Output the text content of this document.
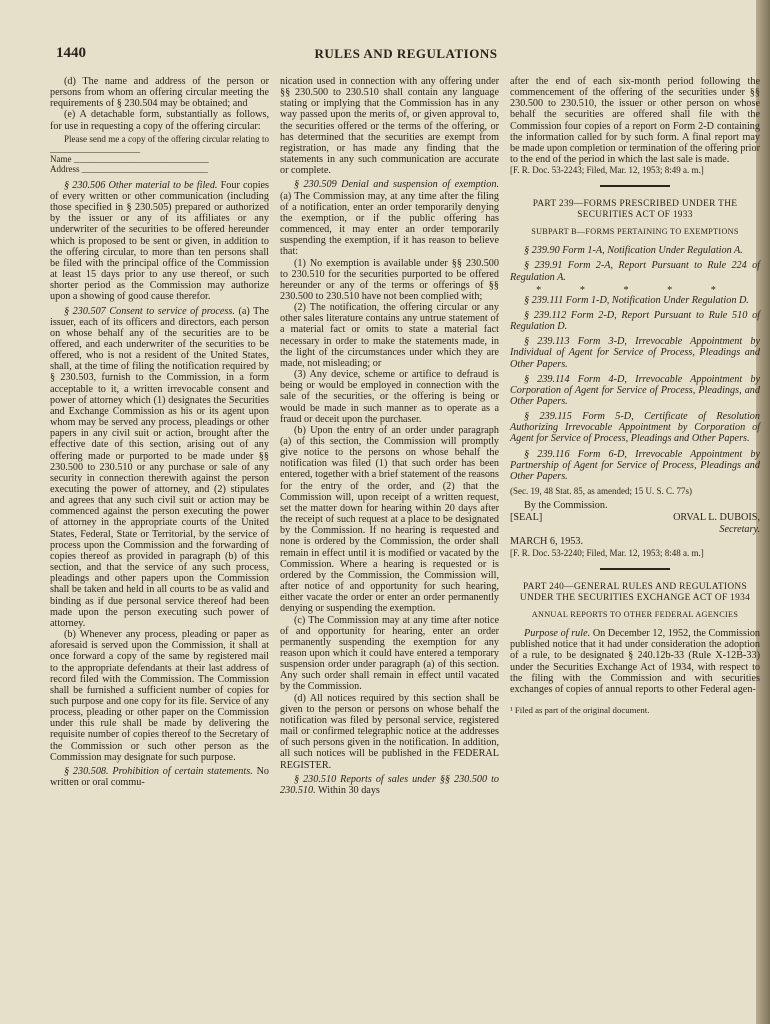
1440	RULES AND REGULATIONS

(d) The name and address of the person or persons from whom an offering circular meeting the requirements of § 230.504 may be obtained; and

(e) A detachable form, substantially as follows, for use in requesting a copy of the offering circular:

Please send me a copy of the offering circular relating to ____________________
Name ______________________________
Address ____________________________

§ 230.506 Other material to be filed. Four copies of every written or other communication (including those specified in § 230.505) prepared or authorized by the issuer or any of its affiliates or any underwriter of the securities to be offered hereunder which is proposed to be sent or given, in addition to the offering circular, to more than ten persons shall be filed with the principal office of the Commission at least 15 days prior to any use thereof, or such shorter period as the Commission may authorize upon a showing of good cause therefor.

§ 230.507 Consent to service of process. (a) The issuer, each of its officers and directors, each person on whose behalf any of the securities are to be offered, and each underwriter of the securities to be offered, who is not a resident of the United States, shall, at the time of filing the notification required by § 230.503, furnish to the Commission, in a form acceptable to it, a written irrevocable consent and power of attorney which (1) designates the Securities and Exchange Commission as his or its agent upon whom may be served any process, pleadings or other papers in any civil suit or action, brought after the effective date of this section, arising out of any offering made or purported to be made under §§ 230.500 to 230.510 or any purchase or sale of any security in connection therewith against the person executing the power of attorney, and (2) stipulates and agrees that any such civil suit or action may be commenced against the person executing the power of attorney in the appropriate courts of the United States, Federal, State or Territorial, by the service of process upon the Commission and the forwarding of copies thereof as provided in paragraph (b) of this section, and that the service of any such process, pleadings and other papers upon the Commission shall be taken and held in all courts to be as valid and binding as if due personal service thereof had been made upon the person executing such power of attorney.

(b) Whenever any process, pleading or paper as aforesaid is served upon the Commission, it shall at once forward a copy of the same by registered mail to the appropriate defendants at their last address of record filed with the Commission. The Commission shall be furnished a sufficient number of copies for such purpose and one copy for its file. Service of any process, pleading or other paper on the Commission under this rule shall be made by delivering the requisite number of copies thereof to the Secretary of the Commission or such other person as the Commission may designate for such purpose.

§ 230.508. Prohibition of certain statements. No written or oral commu-

nication used in connection with any offering under §§ 230.500 to 230.510 shall contain any language stating or implying that the Commission has in any way passed upon the merits of, or given approval to, the securities offered or the terms of the offering, or has determined that the securities are exempt from registration, or has made any finding that the statements in any such communication are accurate or complete.

§ 230.509 Denial and suspension of exemption. (a) The Commission may, at any time after the filing of a notification, enter an order temporarily denying the exemption, or if the public offering has commenced, it may enter an order temporarily suspending the exemption, if it has reason to believe that:

(1) No exemption is available under §§ 230.500 to 230.510 for the securities purported to be offered hereunder or any of the terms or offerings of §§ 230.500 to 230.510 have not been complied with;

(2) The notification, the offering circular or any other sales literature contains any untrue statement of a material fact or omits to state a material fact necessary in order to make the statements made, in the light of the circumstances under which they are made, not misleading; or

(3) Any device, scheme or artifice to defraud is being or would be employed in connection with the sale of the securities, or the offering is being or would be made in such manner as to operate as a fraud or deceit upon the purchaser.

(b) Upon the entry of an order under paragraph (a) of this section, the Commission will promptly give notice to the persons on whose behalf the notification was filed (1) that such order has been entered, together with a brief statement of the reasons for the entry of the order, and (2) that the Commission will, upon receipt of a written request, set the matter down for hearing within 20 days after the receipt of such request at a place to be designated by the Commission. If no hearing is requested and none is ordered by the Commission, the order shall remain in effect until it is modified or vacated by the Commission. Where a hearing is requested or is ordered by the Commission, the Commission will, after notice of and opportunity for such hearing, either vacate the order or enter an order permanently denying or suspending the exemption.

(c) The Commission may at any time after notice of and opportunity for hearing, enter an order permanently suspending the exemption for any reason upon which it could have entered a temporary suspension order under paragraph (a) of this section. Any such order shall remain in effect until vacated by the Commission.

(d) All notices required by this section shall be given to the person or persons on whose behalf the notification was filed by personal service, registered mail or confirmed telegraphic notice at the addresses of such persons given in the notification. In addition, all such notices will be published in the FEDERAL REGISTER.

§ 230.510 Reports of sales under §§ 230.500 to 230.510. Within 30 days

after the end of each six-month period following the commencement of the offering of the securities under §§ 230.500 to 230.510, the issuer or other person on whose behalf the securities are offered shall file with the Commission four copies of a report on Form 2-D containing the information called for by such form. A final report may be made upon completion or termination of the offering prior to the end of the period in which the last sale is made.

[F. R. Doc. 53-2243; Filed, Mar. 12, 1953; 8:49 a. m.]
PART 239—FORMS PRESCRIBED UNDER THE SECURITIES ACT OF 1933
SUBPART B—FORMS PERTAINING TO EXEMPTIONS

§ 239.90 Form 1-A, Notification Under Regulation A.

§ 239.91 Form 2-A, Report Pursuant to Rule 224 of Regulation A.

* * * * *

§ 239.111 Form 1-D, Notification Under Regulation D.

§ 239.112 Form 2-D, Report Pursuant to Rule 510 of Regulation D.

§ 239.113 Form 3-D, Irrevocable Appointment by Individual of Agent for Service of Process, Pleadings and Other Papers.

§ 239.114 Form 4-D, Irrevocable Appointment by Corporation of Agent for Service of Process, Pleadings, and Other Papers.

§ 239.115 Form 5-D, Certificate of Resolution Authorizing Irrevocable Appointment by Corporation of Agent for Service of Process, Pleadings and Other Papers.

§ 239.116 Form 6-D, Irrevocable Appointment by Partnership of Agent for Service of Process, Pleadings and Other Papers.

(Sec. 19, 48 Stat. 85, as amended; 15 U. S. C. 77s)

By the Commission.

[SEAL]	ORVAL L. DUBOIS,
Secretary.
MARCH 6, 1953.
[F. R. Doc. 53-2240; Filed, Mar. 12, 1953; 8:48 a. m.]
PART 240—GENERAL RULES AND REGULATIONS UNDER THE SECURITIES EXCHANGE ACT OF 1934
ANNUAL REPORTS TO OTHER FEDERAL AGENCIES

Purpose of rule. On December 12, 1952, the Commission published notice that it had under consideration the adoption of a rule, to be designated § 240.12b-33 (Rule X-12B-33) under the Securities Exchange Act of 1934, with respect to the filing with the Commission and with securities exchanges of copies of annual reports to other Federal agen-

¹ Filed as part of the original document.
